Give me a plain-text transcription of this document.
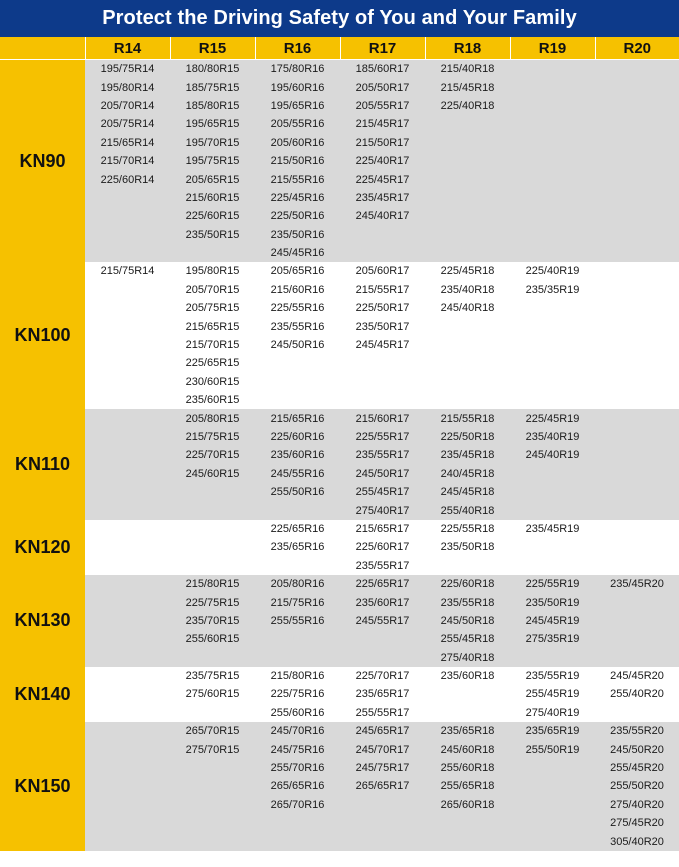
Protect the Driving Safety of You and Your Family
	R14	R15	R16	R17	R18	R19	R20
KN90	195/75R14	180/80R15	175/80R16	185/60R17	215/40R18		
	195/80R14	185/75R15	195/60R16	205/50R17	215/45R18		
	205/70R14	185/80R15	195/65R16	205/55R17	225/40R18		
	205/75R14	195/65R15	205/55R16	215/45R17			
	215/65R14	195/70R15	205/60R16	215/50R17			
	215/70R14	195/75R15	215/50R16	225/40R17			
	225/60R14	205/65R15	215/55R16	225/45R17			
		215/60R15	225/45R16	235/45R17			
		225/60R15	225/50R16	245/40R17			
		235/50R15	235/50R16				
			245/45R16				
KN100	215/75R14	195/80R15	205/65R16	205/60R17	225/45R18	225/40R19	
		205/70R15	215/60R16	215/55R17	235/40R18	235/35R19	
		205/75R15	225/55R16	225/50R17	245/40R18		
		215/65R15	235/55R16	235/50R17			
		215/70R15	245/50R16	245/45R17			
		225/65R15					
		230/60R15					
		235/60R15					
KN110		205/80R15	215/65R16	215/60R17	215/55R18	225/45R19	
		215/75R15	225/60R16	225/55R17	225/50R18	235/40R19	
		225/70R15	235/60R16	235/55R17	235/45R18	245/40R19	
		245/60R15	245/55R16	245/50R17	240/45R18		
			255/50R16	255/45R17	245/45R18		
				275/40R17	255/40R18		
KN120			225/65R16	215/65R17	225/55R18	235/45R19	
			235/65R16	225/60R17	235/50R18		
				235/55R17			
KN130		215/80R15	205/80R16	225/65R17	225/60R18	225/55R19	235/45R20
		225/75R15	215/75R16	235/60R17	235/55R18	235/50R19	
		235/70R15	255/55R16	245/55R17	245/50R18	245/45R19	
		255/60R15			255/45R18	275/35R19	
					275/40R18		
KN140		235/75R15	215/80R16	225/70R17	235/60R18	235/55R19	245/45R20
		275/60R15	225/75R16	235/65R17		255/45R19	255/40R20
			255/60R16	255/55R17		275/40R19	
KN150		265/70R15	245/70R16	245/65R17	235/65R18	235/65R19	235/55R20
		275/70R15	245/75R16	245/70R17	245/60R18	255/50R19	245/50R20
			255/70R16	245/75R17	255/60R18		255/45R20
			265/65R16	265/65R17	255/65R18		255/50R20
			265/70R16		265/60R18		275/40R20
							275/45R20
							305/40R20
